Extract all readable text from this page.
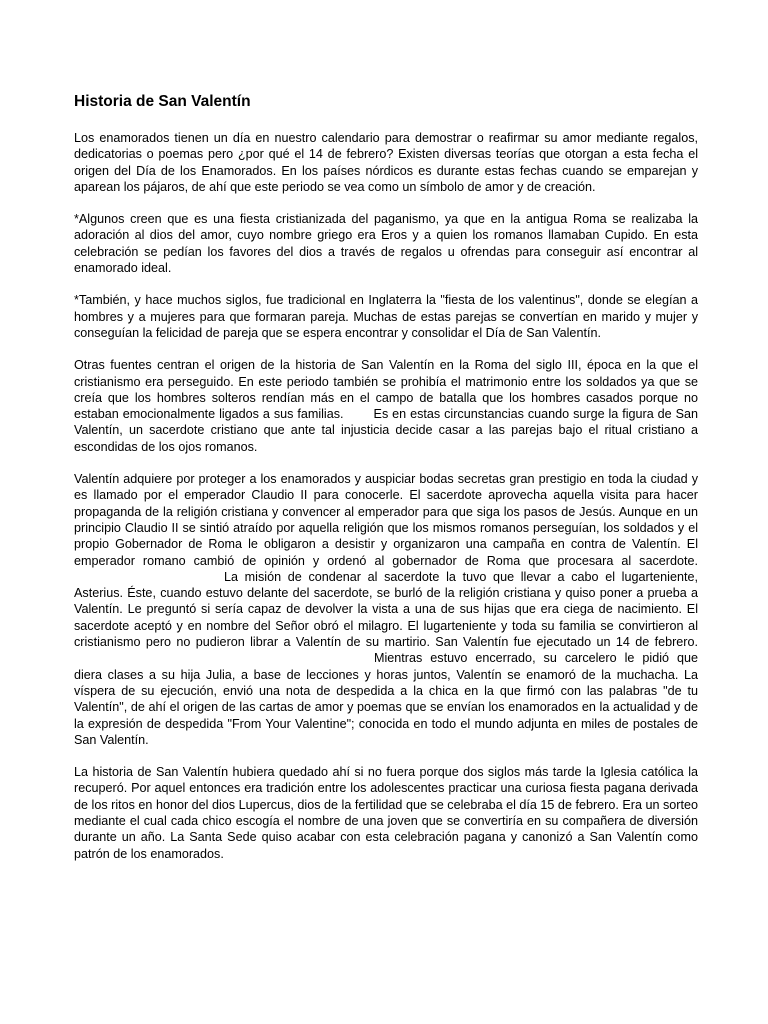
Historia de San Valentín

Los enamorados tienen un día en nuestro calendario para demostrar o reafirmar su amor mediante regalos, dedicatorias o poemas pero ¿por qué el 14 de febrero? Existen diversas teorías que otorgan a esta fecha el origen del Día de los Enamorados. En los países nórdicos es durante estas fechas cuando se emparejan y aparean los pájaros, de ahí que este periodo se vea como un símbolo de amor y de creación.

*Algunos creen que es una fiesta cristianizada del paganismo, ya que en la antigua Roma se realizaba la adoración al dios del amor, cuyo nombre griego era Eros y a quien los romanos llamaban Cupido. En esta celebración se pedían los favores del dios a través de regalos u ofrendas para conseguir así encontrar al enamorado ideal.

*También, y hace muchos siglos, fue tradicional en Inglaterra la "fiesta de los valentinus", donde se elegían a hombres y a mujeres para que formaran pareja. Muchas de estas parejas se convertían en marido y mujer y conseguían la felicidad de pareja que se espera encontrar y consolidar el Día de San Valentín.

Otras fuentes centran el origen de la historia de San Valentín en la Roma del siglo III, época en la que el cristianismo era perseguido. En este periodo también se prohibía el matrimonio entre los soldados ya que se creía que los hombres solteros rendían más en el campo de batalla que los hombres casados porque no estaban emocionalmente ligados a sus familias. Es en estas circunstancias cuando surge la figura de San Valentín, un sacerdote cristiano que ante tal injusticia decide casar a las parejas bajo el ritual cristiano a escondidas de los ojos romanos.

Valentín adquiere por proteger a los enamorados y auspiciar bodas secretas gran prestigio en toda la ciudad y es llamado por el emperador Claudio II para conocerle. El sacerdote aprovecha aquella visita para hacer propaganda de la religión cristiana y convencer al emperador para que siga los pasos de Jesús. Aunque en un principio Claudio II se sintió atraído por aquella religión que los mismos romanos perseguían, los soldados y el propio Gobernador de Roma le obligaron a desistir y organizaron una campaña en contra de Valentín. El emperador romano cambió de opinión y ordenó al gobernador de Roma que procesara al sacerdote.La misión de condenar al sacerdote la tuvo que llevar a cabo el lugarteniente, Asterius. Éste, cuando estuvo delante del sacerdote, se burló de la religión cristiana y quiso poner a prueba a Valentín. Le preguntó si sería capaz de devolver la vista a una de sus hijas que era ciega de nacimiento. El sacerdote aceptó y en nombre del Señor obró el milagro. El lugarteniente y toda su familia se convirtieron al cristianismo pero no pudieron librar a Valentín de su martirio. San Valentín fue ejecutado un 14 de febrero.Mientras estuvo encerrado, su carcelero le pidió que diera clases a su hija Julia, a base de lecciones y horas juntos, Valentín se enamoró de la muchacha. La víspera de su ejecución, envió una nota de despedida a la chica en la que firmó con las palabras "de tu Valentín", de ahí el origen de las cartas de amor y poemas que se envían los enamorados en la actualidad y de la expresión de despedida "From Your Valentine"; conocida en todo el mundo adjunta en miles de postales de San Valentín.

La historia de San Valentín hubiera quedado ahí si no fuera porque dos siglos más tarde la Iglesia católica la recuperó. Por aquel entonces era tradición entre los adolescentes practicar una curiosa fiesta pagana derivada de los ritos en honor del dios Lupercus, dios de la fertilidad que se celebraba el día 15 de febrero. Era un sorteo mediante el cual cada chico escogía el nombre de una joven que se convertiría en su compañera de diversión durante un año. La Santa Sede quiso acabar con esta celebración pagana y canonizó a San Valentín como patrón de los enamorados.
